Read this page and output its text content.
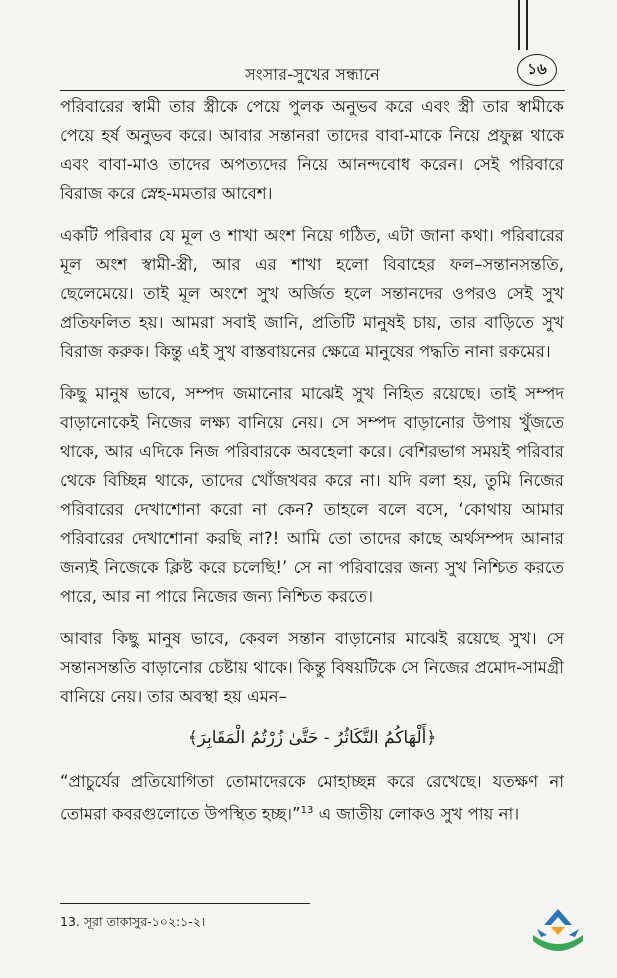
সংসার-সুখের সন্ধানে	১৬

পরিবারের স্বামী তার স্ত্রীকে পেয়ে পুলক অনুভব করে এবং স্ত্রী তার স্বামীকে পেয়ে হর্ষ অনুভব করে। আবার সন্তানরা তাদের বাবা-মাকে নিয়ে প্রফুল্ল থাকে এবং বাবা-মাও তাদের অপত্যদের নিয়ে আনন্দবোধ করেন। সেই পরিবারে বিরাজ করে স্নেহ-মমতার আবেশ।

একটি পরিবার যে মূল ও শাখা অংশ নিয়ে গঠিত, এটা জানা কথা। পরিবারের মূল অংশ স্বামী-স্ত্রী, আর এর শাখা হলো বিবাহের ফল–সন্তানসন্ততি, ছেলেমেয়ে। তাই মূল অংশে সুখ অর্জিত হলে সন্তানদের ওপরও সেই সুখ প্রতিফলিত হয়। আমরা সবাই জানি, প্রতিটি মানুষই চায়, তার বাড়িতে সুখ বিরাজ করুক। কিন্তু এই সুখ বাস্তবায়নের ক্ষেত্রে মানুষের পদ্ধতি নানা রকমের।

কিছু মানুষ ভাবে, সম্পদ জমানোর মাঝেই সুখ নিহিত রয়েছে। তাই সম্পদ বাড়ানোকেই নিজের লক্ষ্য বানিয়ে নেয়। সে সম্পদ বাড়ানোর উপায় খুঁজতে থাকে, আর এদিকে নিজ পরিবারকে অবহেলা করে। বেশিরভাগ সময়ই পরিবার থেকে বিচ্ছিন্ন থাকে, তাদের খোঁজখবর করে না। যদি বলা হয়, তুমি নিজের পরিবারের দেখাশোনা করো না কেন? তাহলে বলে বসে, ‘কোথায় আমার পরিবারের দেখাশোনা করছি না?! আমি তো তাদের কাছে অর্থসম্পদ আনার জন্যই নিজেকে ক্লিষ্ট করে চলেছি!’ সে না পরিবারের জন্য সুখ নিশ্চিত করতে পারে, আর না পারে নিজের জন্য নিশ্চিত করতে।

আবার কিছু মানুষ ভাবে, কেবল সন্তান বাড়ানোর মাঝেই রয়েছে সুখ। সে সন্তানসন্ততি বাড়ানোর চেষ্টায় থাকে। কিন্তু বিষয়টিকে সে নিজের প্রমোদ-সামগ্রী বানিয়ে নেয়। তার অবস্থা হয় এমন–

﴿أَلْهَاكُمُ التَّكَاثُرُ - حَتَّىٰ زُرْتُمُ الْمَقَابِرَ﴾

“প্রাচুর্যের প্রতিযোগিতা তোমাদেরকে মোহাচ্ছন্ন করে রেখেছে। যতক্ষণ না তোমরা কবরগুলোতে উপস্থিত হচ্ছ।”$^{13}$ এ জাতীয় লোকও সুখ পায় না।

13. সূরা তাকাসুর-১০২:১-২।
